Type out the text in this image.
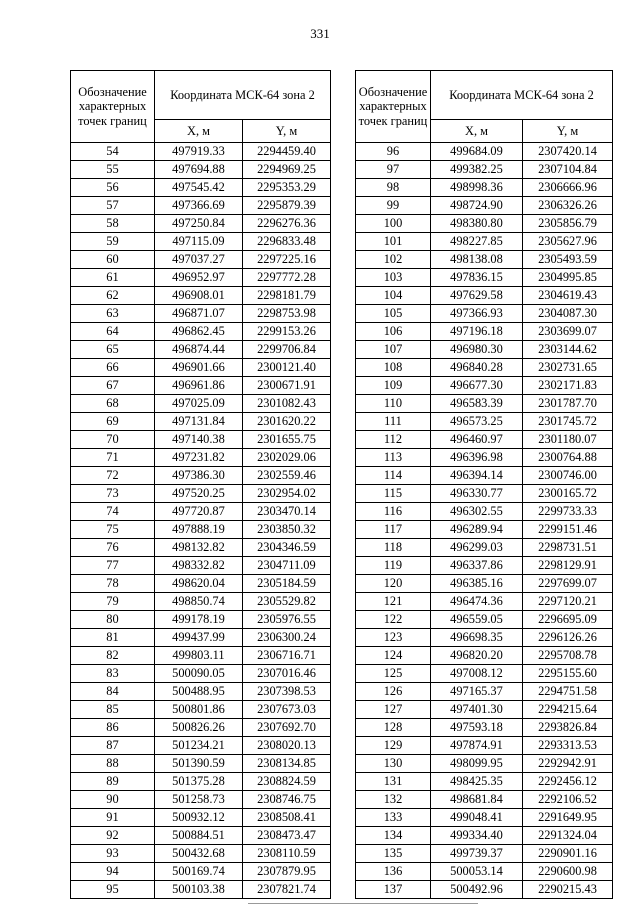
331
Обозначение характерных точек границ	Координата МСК-64 зона 2	
	X, м	Y, м
54	497919.33	2294459.40
55	497694.88	2294969.25
56	497545.42	2295353.29
57	497366.69	2295879.39
58	497250.84	2296276.36
59	497115.09	2296833.48
60	497037.27	2297225.16
61	496952.97	2297772.28
62	496908.01	2298181.79
63	496871.07	2298753.98
64	496862.45	2299153.26
65	496874.44	2299706.84
66	496901.66	2300121.40
67	496961.86	2300671.91
68	497025.09	2301082.43
69	497131.84	2301620.22
70	497140.38	2301655.75
71	497231.82	2302029.06
72	497386.30	2302559.46
73	497520.25	2302954.02
74	497720.87	2303470.14
75	497888.19	2303850.32
76	498132.82	2304346.59
77	498332.82	2304711.09
78	498620.04	2305184.59
79	498850.74	2305529.82
80	499178.19	2305976.55
81	499437.99	2306300.24
82	499803.11	2306716.71
83	500090.05	2307016.46
84	500488.95	2307398.53
85	500801.86	2307673.03
86	500826.26	2307692.70
87	501234.21	2308020.13
88	501390.59	2308134.85
89	501375.28	2308824.59
90	501258.73	2308746.75
91	500932.12	2308508.41
92	500884.51	2308473.47
93	500432.68	2308110.59
94	500169.74	2307879.95
95	500103.38	2307821.74
Обозначение характерных точек границ	Координата МСК-64 зона 2	
	X, м	Y, м
96	499684.09	2307420.14
97	499382.25	2307104.84
98	498998.36	2306666.96
99	498724.90	2306326.26
100	498380.80	2305856.79
101	498227.85	2305627.96
102	498138.08	2305493.59
103	497836.15	2304995.85
104	497629.58	2304619.43
105	497366.93	2304087.30
106	497196.18	2303699.07
107	496980.30	2303144.62
108	496840.28	2302731.65
109	496677.30	2302171.83
110	496583.39	2301787.70
111	496573.25	2301745.72
112	496460.97	2301180.07
113	496396.98	2300764.88
114	496394.14	2300746.00
115	496330.77	2300165.72
116	496302.55	2299733.33
117	496289.94	2299151.46
118	496299.03	2298731.51
119	496337.86	2298129.91
120	496385.16	2297699.07
121	496474.36	2297120.21
122	496559.05	2296695.09
123	496698.35	2296126.26
124	496820.20	2295708.78
125	497008.12	2295155.60
126	497165.37	2294751.58
127	497401.30	2294215.64
128	497593.18	2293826.84
129	497874.91	2293313.53
130	498099.95	2292942.91
131	498425.35	2292456.12
132	498681.84	2292106.52
133	499048.41	2291649.95
134	499334.40	2291324.04
135	499739.37	2290901.16
136	500053.14	2290600.98
137	500492.96	2290215.43
